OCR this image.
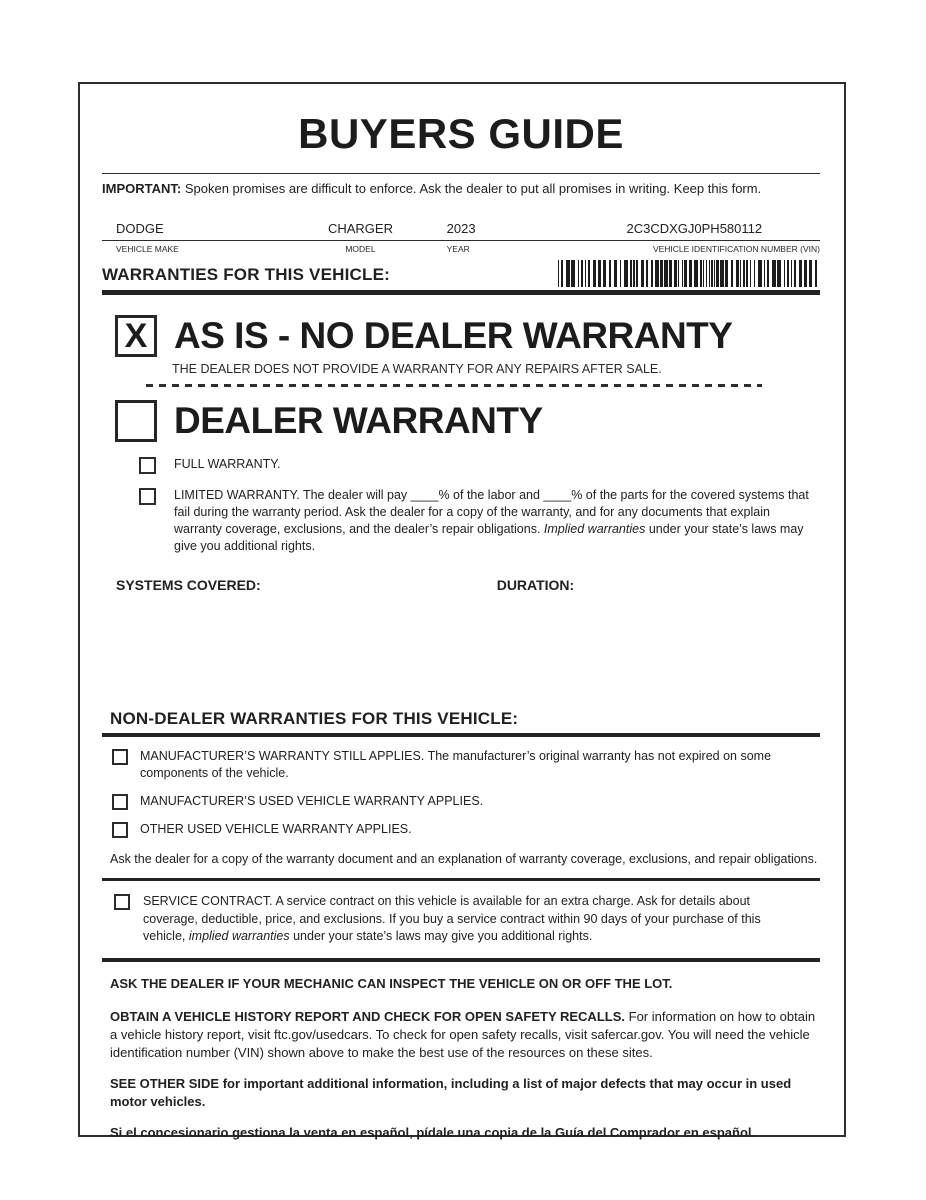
BUYERS GUIDE
IMPORTANT: Spoken promises are difficult to enforce. Ask the dealer to put all promises in writing. Keep this form.
DODGE	CHARGER	2023	2C3CDXGJ0PH580112
VEHICLE MAKE	MODEL	YEAR	VEHICLE IDENTIFICATION NUMBER (VIN)
WARRANTIES FOR THIS VEHICLE:
X AS IS - NO DEALER WARRANTY
THE DEALER DOES NOT PROVIDE A WARRANTY FOR ANY REPAIRS AFTER SALE.
DEALER WARRANTY
FULL WARRANTY.
LIMITED WARRANTY. The dealer will pay ____% of the labor and ____% of the parts for the covered systems that fail during the warranty period. Ask the dealer for a copy of the warranty, and for any documents that explain warranty coverage, exclusions, and the dealer’s repair obligations. Implied warranties under your state’s laws may give you additional rights.
SYSTEMS COVERED:	DURATION:
NON-DEALER WARRANTIES FOR THIS VEHICLE:
MANUFACTURER’S WARRANTY STILL APPLIES. The manufacturer’s original warranty has not expired on some components of the vehicle.
MANUFACTURER’S USED VEHICLE WARRANTY APPLIES.
OTHER USED VEHICLE WARRANTY APPLIES.
Ask the dealer for a copy of the warranty document and an explanation of warranty coverage, exclusions, and repair obligations.
SERVICE CONTRACT. A service contract on this vehicle is available for an extra charge. Ask for details about coverage, deductible, price, and exclusions. If you buy a service contract within 90 days of your purchase of this vehicle, implied warranties under your state’s laws may give you additional rights.
ASK THE DEALER IF YOUR MECHANIC CAN INSPECT THE VEHICLE ON OR OFF THE LOT.
OBTAIN A VEHICLE HISTORY REPORT AND CHECK FOR OPEN SAFETY RECALLS. For information on how to obtain a vehicle history report, visit ftc.gov/usedcars. To check for open safety recalls, visit safercar.gov. You will need the vehicle identification number (VIN) shown above to make the best use of the resources on these sites.
SEE OTHER SIDE for important additional information, including a list of major defects that may occur in used motor vehicles.
Si el concesionario gestiona la venta en español, pídale una copia de la Guía del Comprador en español.
